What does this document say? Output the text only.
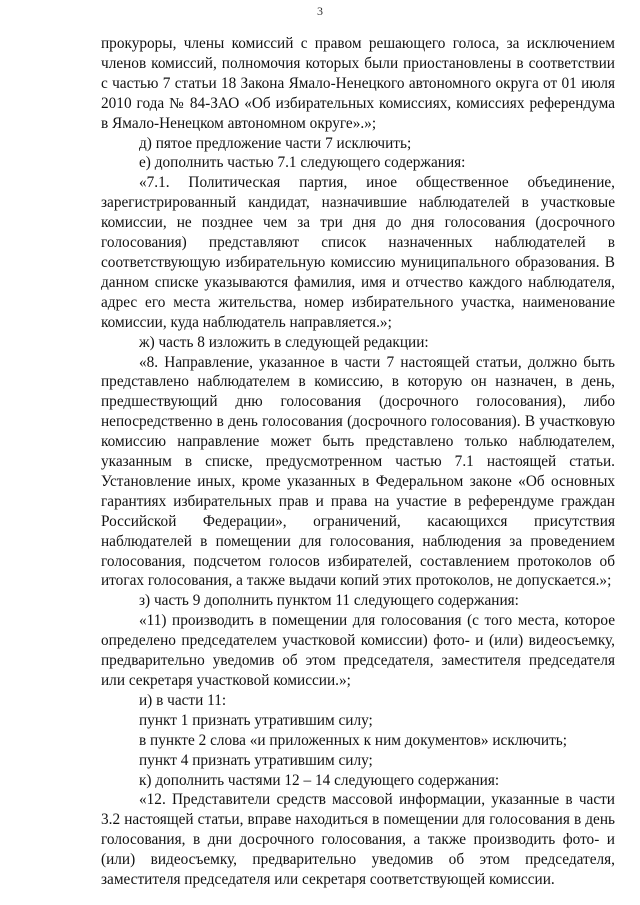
3

прокуроры, члены комиссий с правом решающего голоса, за исключением членов комиссий, полномочия которых были приостановлены в соответствии с частью 7 статьи 18 Закона Ямало-Ненецкого автономного округа от 01 июля 2010 года № 84-ЗАО «Об избирательных комиссиях, комиссиях референдума в Ямало-Ненецком автономном округе».»;

д) пятое предложение части 7 исключить;

е) дополнить частью 7.1 следующего содержания:

«7.1. Политическая партия, иное общественное объединение, зарегистрированный кандидат, назначившие наблюдателей в участковые комиссии, не позднее чем за три дня до дня голосования (досрочного голосования) представляют список назначенных наблюдателей в соответствующую избирательную комиссию муниципального образования. В данном списке указываются фамилия, имя и отчество каждого наблюдателя, адрес его места жительства, номер избирательного участка, наименование комиссии, куда наблюдатель направляется.»;

ж) часть 8 изложить в следующей редакции:

«8. Направление, указанное в части 7 настоящей статьи, должно быть представлено наблюдателем в комиссию, в которую он назначен, в день, предшествующий дню голосования (досрочного голосования), либо непосредственно в день голосования (досрочного голосования). В участковую комиссию направление может быть представлено только наблюдателем, указанным в списке, предусмотренном частью 7.1 настоящей статьи. Установление иных, кроме указанных в Федеральном законе «Об основных гарантиях избирательных прав и права на участие в референдуме граждан Российской Федерации», ограничений, касающихся присутствия наблюдателей в помещении для голосования, наблюдения за проведением голосования, подсчетом голосов избирателей, составлением протоколов об итогах голосования, а также выдачи копий этих протоколов, не допускается.»;

з) часть 9 дополнить пунктом 11 следующего содержания:

«11) производить в помещении для голосования (с того места, которое определено председателем участковой комиссии) фото- и (или) видеосъемку, предварительно уведомив об этом председателя, заместителя председателя или секретаря участковой комиссии.»;

и) в части 11:

пункт 1 признать утратившим силу;

в пункте 2 слова «и приложенных к ним документов» исключить;

пункт 4 признать утратившим силу;

к) дополнить частями 12 – 14 следующего содержания:

«12. Представители средств массовой информации, указанные в части 3.2 настоящей статьи, вправе находиться в помещении для голосования в день голосования, в дни досрочного голосования, а также производить фото- и (или) видеосъемку, предварительно уведомив об этом председателя, заместителя председателя или секретаря соответствующей комиссии.
